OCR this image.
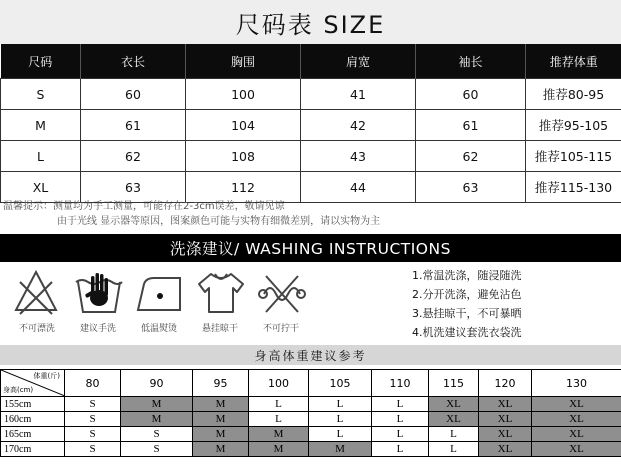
尺码表 SIZE
尺码	衣长	胸围	肩宽	袖长	推荐体重
S	60	100	41	60	推荐80-95
M	61	104	42	61	推荐95-105
L	62	108	43	62	推荐105-115
XL	63	112	44	63	推荐115-130
温馨提示：测量均为手工测量，可能存在2-3cm误差，敬请见谅
由于光线 显示器等原因，图案颜色可能与实物有细微差别，请以实物为主
洗涤建议/ WASHING INSTRUCTIONS
不可漂洗	建议手洗	低温熨烫	悬挂晾干	不可拧干
1.常温洗涤，随浸随洗
2.分开洗涤，避免沾色
3.悬挂晾干，不可暴晒
4.机洗建议套洗衣袋洗
身高体重建议参考
体重(斤)
身高(cm)	80	90	95	100	105	110	115	120	130
155cm	S	M	M	L	L	L	XL	XL	XL
160cm	S	M	M	L	L	L	XL	XL	XL
165cm	S	S	M	M	L	L	L	XL	XL
170cm	S	S	M	M	M	L	L	XL	XL
